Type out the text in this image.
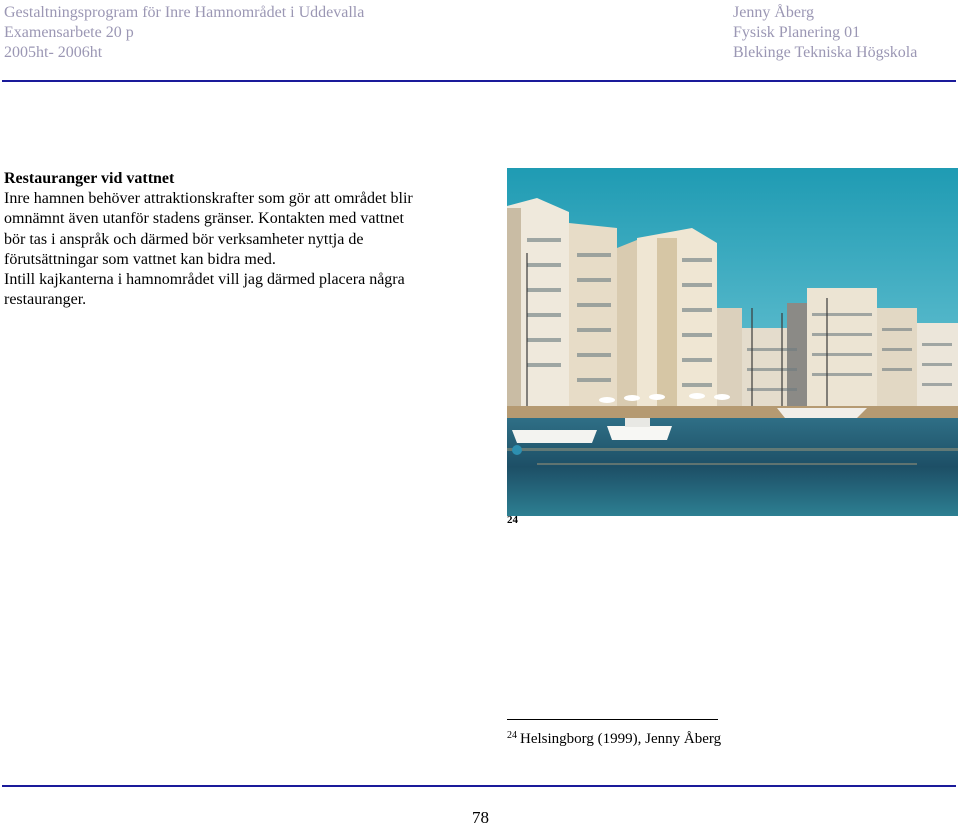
Gestaltningsprogram för Inre Hamnområdet i Uddevalla
Examensarbete 20 p
2005ht- 2006ht
Jenny Åberg
Fysisk Planering 01
Blekinge Tekniska Högskola
Restauranger vid vattnet
Inre hamnen behöver attraktionskrafter som gör att området blir
omnämnt även utanför stadens gränser. Kontakten med vattnet
bör tas i anspråk och därmed bör verksamheter nyttja de
förutsättningar som vattnet kan bidra med.
Intill kajkanterna i hamnområdet vill jag därmed placera några
restauranger.
24
$^{24}$ Helsingborg (1999), Jenny Åberg
78
